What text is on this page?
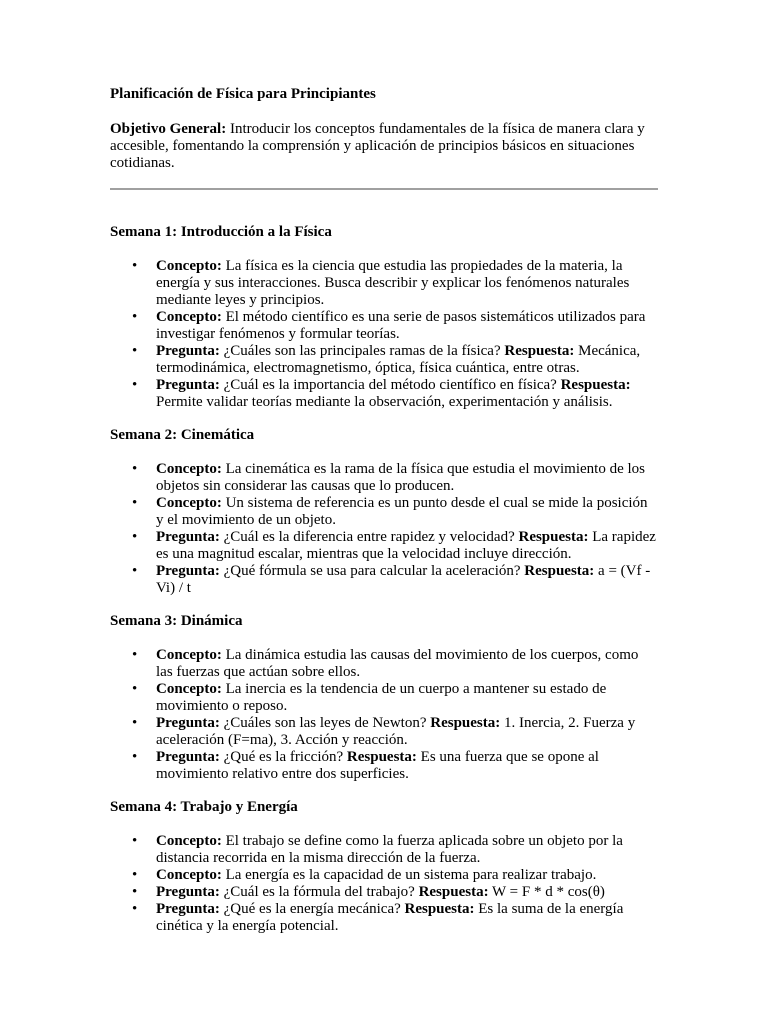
Planificación de Física para Principiantes

Objetivo General: Introducir los conceptos fundamentales de la física de manera clara y accesible, fomentando la comprensión y aplicación de principios básicos en situaciones cotidianas.

Semana 1: Introducción a la Física
• Concepto: La física es la ciencia que estudia las propiedades de la materia, la energía y sus interacciones. Busca describir y explicar los fenómenos naturales mediante leyes y principios.
• Concepto: El método científico es una serie de pasos sistemáticos utilizados para investigar fenómenos y formular teorías.
• Pregunta: ¿Cuáles son las principales ramas de la física? Respuesta: Mecánica, termodinámica, electromagnetismo, óptica, física cuántica, entre otras.
• Pregunta: ¿Cuál es la importancia del método científico en física? Respuesta: Permite validar teorías mediante la observación, experimentación y análisis.
Semana 2: Cinemática
• Concepto: La cinemática es la rama de la física que estudia el movimiento de los objetos sin considerar las causas que lo producen.
• Concepto: Un sistema de referencia es un punto desde el cual se mide la posición y el movimiento de un objeto.
• Pregunta: ¿Cuál es la diferencia entre rapidez y velocidad? Respuesta: La rapidez es una magnitud escalar, mientras que la velocidad incluye dirección.
• Pregunta: ¿Qué fórmula se usa para calcular la aceleración? Respuesta: a = (Vf - Vi) / t
Semana 3: Dinámica
• Concepto: La dinámica estudia las causas del movimiento de los cuerpos, como las fuerzas que actúan sobre ellos.
• Concepto: La inercia es la tendencia de un cuerpo a mantener su estado de movimiento o reposo.
• Pregunta: ¿Cuáles son las leyes de Newton? Respuesta: 1. Inercia, 2. Fuerza y aceleración (F=ma), 3. Acción y reacción.
• Pregunta: ¿Qué es la fricción? Respuesta: Es una fuerza que se opone al movimiento relativo entre dos superficies.
Semana 4: Trabajo y Energía
• Concepto: El trabajo se define como la fuerza aplicada sobre un objeto por la distancia recorrida en la misma dirección de la fuerza.
• Concepto: La energía es la capacidad de un sistema para realizar trabajo.
• Pregunta: ¿Cuál es la fórmula del trabajo? Respuesta: W = F * d * cos(θ)
• Pregunta: ¿Qué es la energía mecánica? Respuesta: Es la suma de la energía cinética y la energía potencial.
